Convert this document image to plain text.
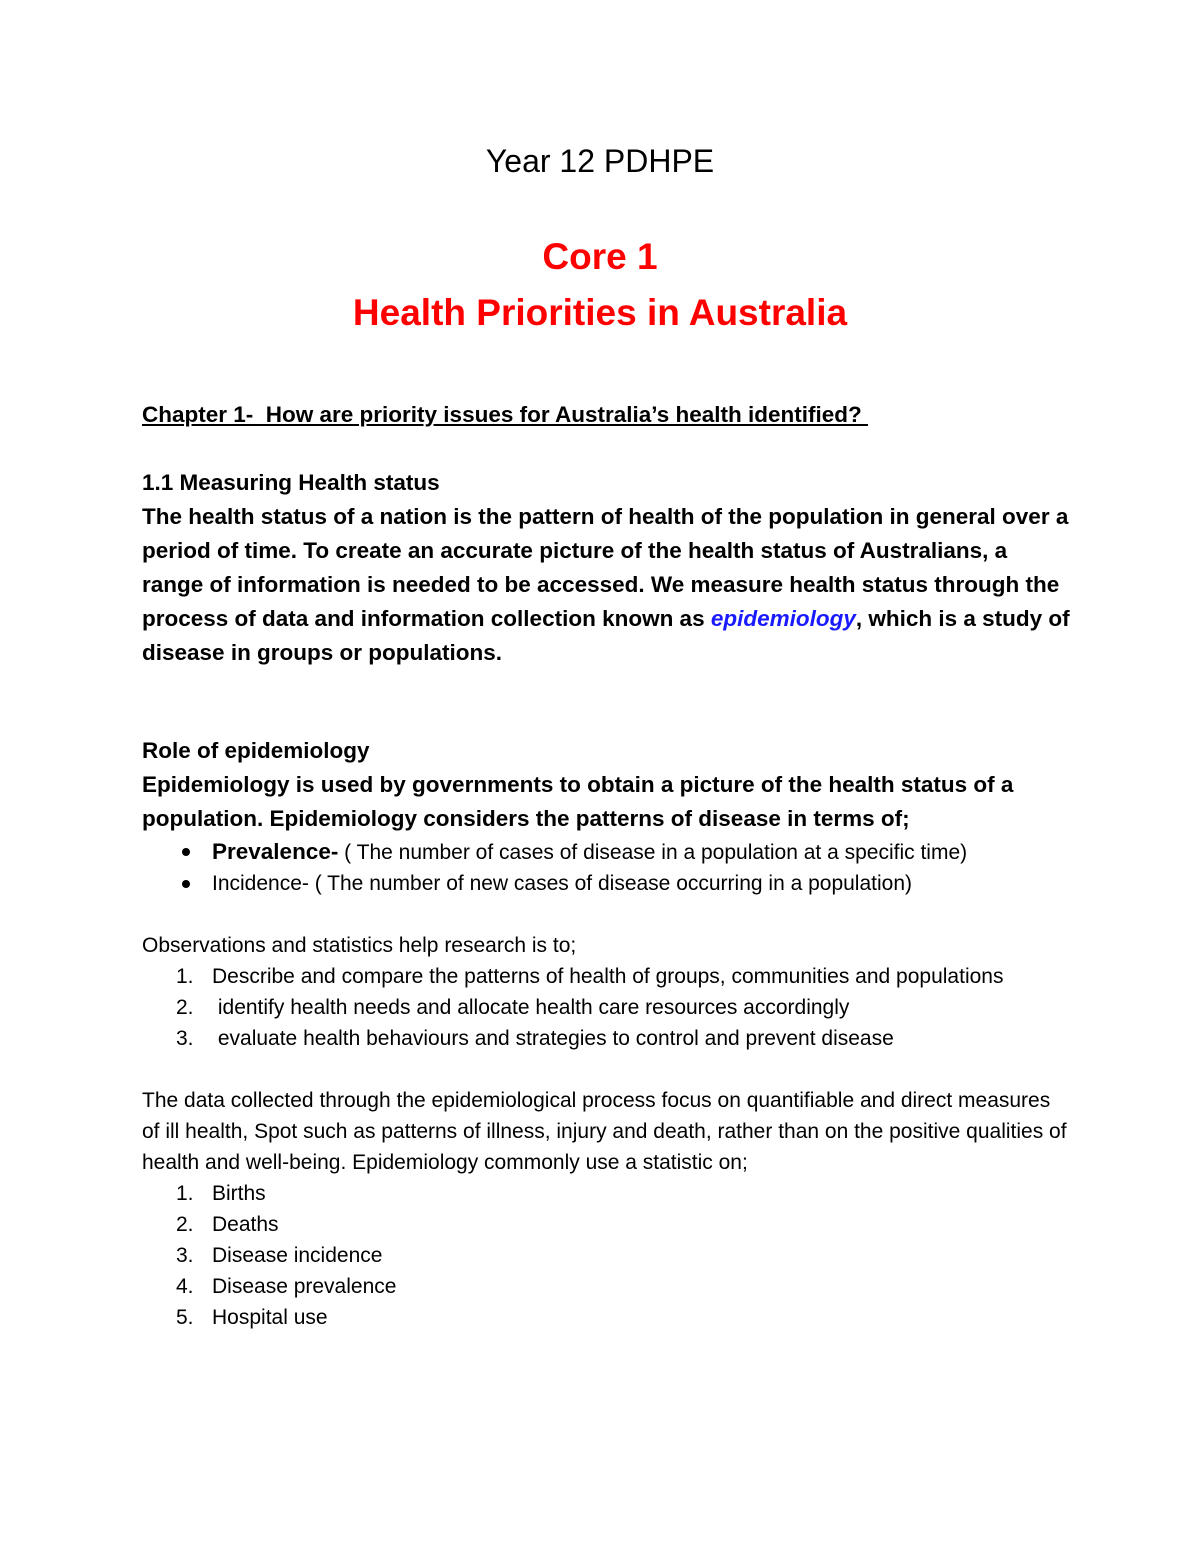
Year 12 PDHPE
Core 1
Health Priorities in Australia
Chapter 1-  How are priority issues for Australia’s health identified?
1.1 Measuring Health status

The health status of a nation is the pattern of health of the population in general over a period of time. To create an accurate picture of the health status of Australians, a range of information is needed to be accessed. We measure health status through the process of data and information collection known as epidemiology, which is a study of disease in groups or populations.

Role of epidemiology

Epidemiology is used by governments to obtain a picture of the health status of a population. Epidemiology considers the patterns of disease in terms of;

Prevalence- ( The number of cases of disease in a population at a specific time)
Incidence- ( The number of new cases of disease occurring in a population)

Observations and statistics help research is to;

1. Describe and compare the patterns of health of groups, communities and populations
2. identify health needs and allocate health care resources accordingly
3. evaluate health behaviours and strategies to control and prevent disease

The data collected through the epidemiological process focus on quantifiable and direct measures of ill health, Spot such as patterns of illness, injury and death, rather than on the positive qualities of health and well-being. Epidemiology commonly use a statistic on;

1. Births
2. Deaths
3. Disease incidence
4. Disease prevalence
5. Hospital use
